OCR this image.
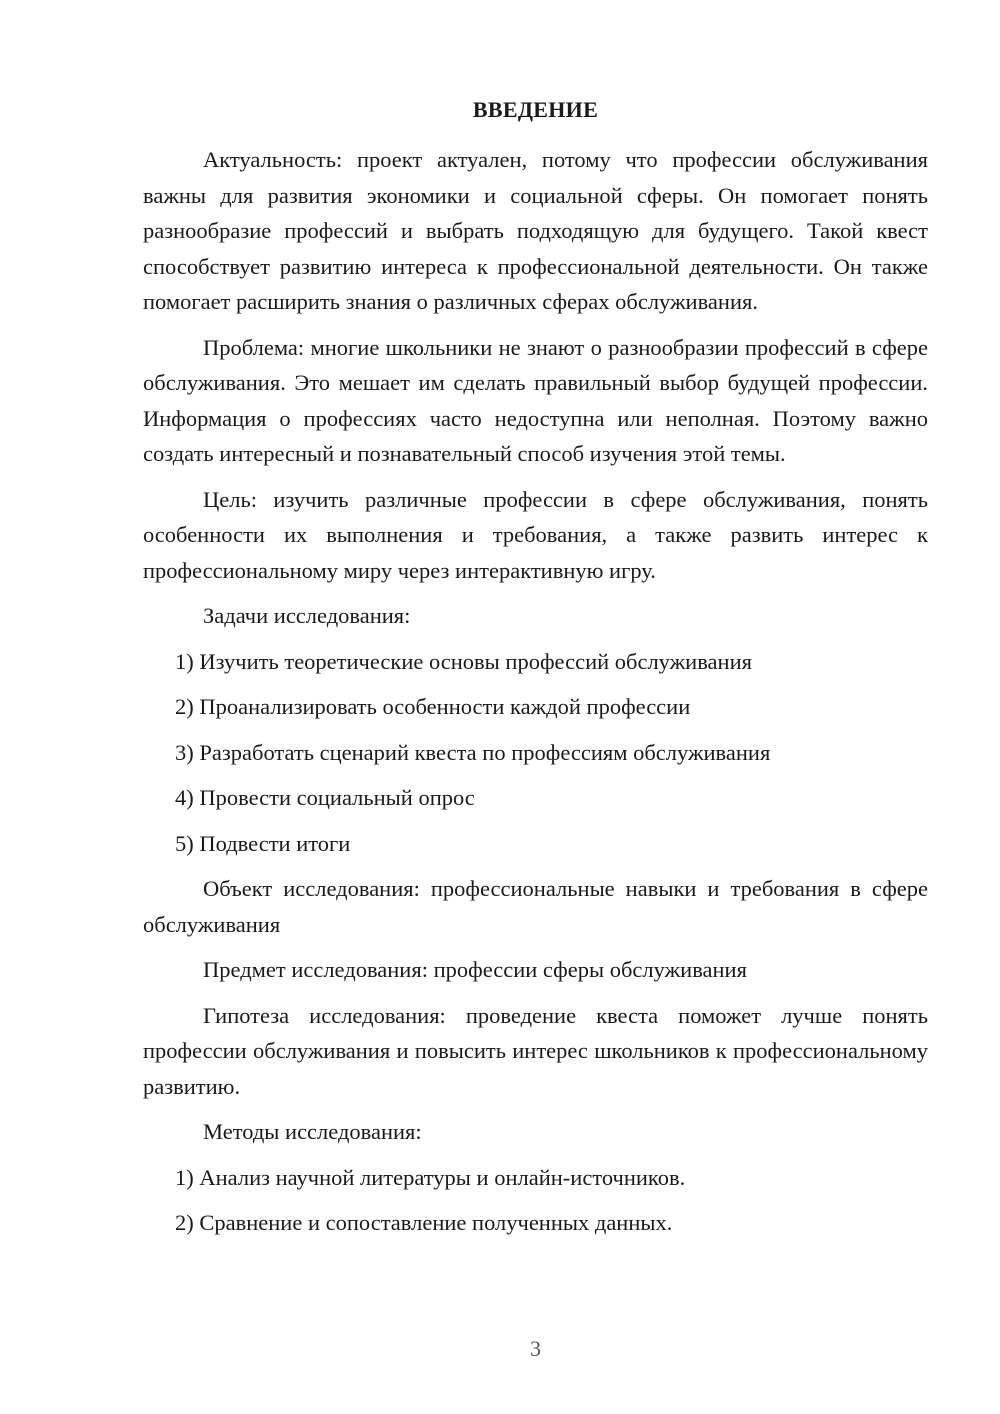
ВВЕДЕНИЕ

Актуальность: проект актуален, потому что профессии обслуживания важны для развития экономики и социальной сферы. Он помогает понять разнообразие профессий и выбрать подходящую для будущего. Такой квест способствует развитию интереса к профессиональной деятельности. Он также помогает расширить знания о различных сферах обслуживания.

Проблема: многие школьники не знают о разнообразии профессий в сфере обслуживания. Это мешает им сделать правильный выбор будущей профессии. Информация о профессиях часто недоступна или неполная. Поэтому важно создать интересный и познавательный способ изучения этой темы.

Цель: изучить различные профессии в сфере обслуживания, понять особенности их выполнения и требования, а также развить интерес к профессиональному миру через интерактивную игру.

Задачи исследования:

1) Изучить теоретические основы профессий обслуживания
2) Проанализировать особенности каждой профессии
3) Разработать сценарий квеста по профессиям обслуживания
4) Провести социальный опрос
5) Подвести итоги

Объект исследования: профессиональные навыки и требования в сфере обслуживания

Предмет исследования: профессии сферы обслуживания

Гипотеза исследования: проведение квеста поможет лучше понять профессии обслуживания и повысить интерес школьников к профессиональному развитию.

Методы исследования:

1) Анализ научной литературы и онлайн-источников.
2) Сравнение и сопоставление полученных данных.
3
